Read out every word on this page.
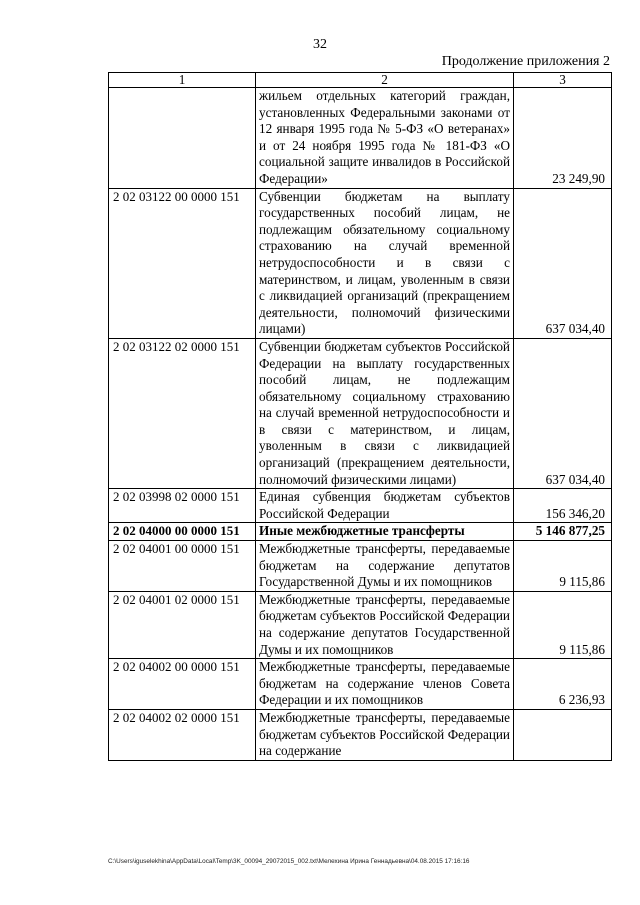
32
Продолжение приложения 2
1	2	3
	жильем отдельных категорий граждан, установленных Федеральными законами от 12 января 1995 года № 5-ФЗ «О ветеранах» и от 24 ноября 1995 года № 181-ФЗ «О социальной защите инвалидов в Российской Федерации»	23 249,90
2 02 03122 00 0000 151	Субвенции бюджетам на выплату государственных пособий лицам, не подлежащим обязательному социальному страхованию на случай временной нетрудоспособности и в связи с материнством, и лицам, уволенным в связи с ликвидацией организаций (прекращением деятельности, полномочий физическими лицами)	637 034,40
2 02 03122 02 0000 151	Субвенции бюджетам субъектов Российской Федерации на выплату государственных пособий лицам, не подлежащим обязательному социальному страхованию на случай временной нетрудоспособности и в связи с материнством, и лицам, уволенным в связи с ликвидацией организаций (прекращением деятельности, полномочий физическими лицами)	637 034,40
2 02 03998 02 0000 151	Единая субвенция бюджетам субъектов Российской Федерации	156 346,20
2 02 04000 00 0000 151	Иные межбюджетные трансферты	5 146 877,25
2 02 04001 00 0000 151	Межбюджетные трансферты, передаваемые бюджетам на содержание депутатов Государственной Думы и их помощников	9 115,86
2 02 04001 02 0000 151	Межбюджетные трансферты, передаваемые бюджетам субъектов Российской Федерации на содержание депутатов Государственной Думы и их помощников	9 115,86
2 02 04002 00 0000 151	Межбюджетные трансферты, передаваемые бюджетам на содержание членов Совета Федерации и их помощников	6 236,93
2 02 04002 02 0000 151	Межбюджетные трансферты, передаваемые бюджетам субъектов Российской Федерации на содержание	
C:\Users\iguselekhina\AppData\Local\Temp\3K_00094_29072015_002.txt\Мелехина Ирина Геннадьевна\04.08.2015 17:16:16
